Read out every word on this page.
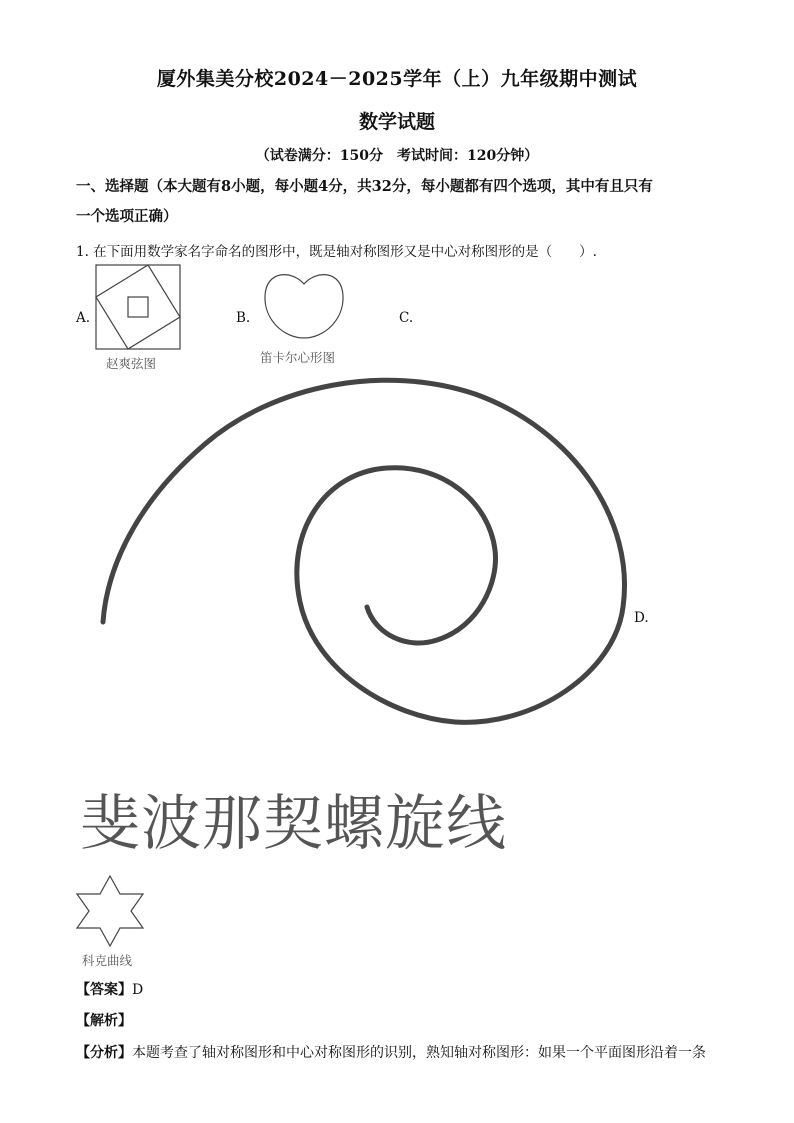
厦外集美分校2024－2025学年（上）九年级期中测试
数学试题
（试卷满分：150分　考试时间：120分钟）
一、选择题（本大题有8小题，每小题4分，共32分，每小题都有四个选项，其中有且只有
一个选项正确）
1. 在下面用数学家名字命名的图形中，既是轴对称图形又是中心对称图形的是（　　）.
A.
赵爽弦图
B.
笛卡尔心形图
C.
D.
斐波那契螺旋线
科克曲线
【答案】D
【解析】
【分析】本题考查了轴对称图形和中心对称图形的识别，熟知轴对称图形：如果一个平面图形沿着一条
